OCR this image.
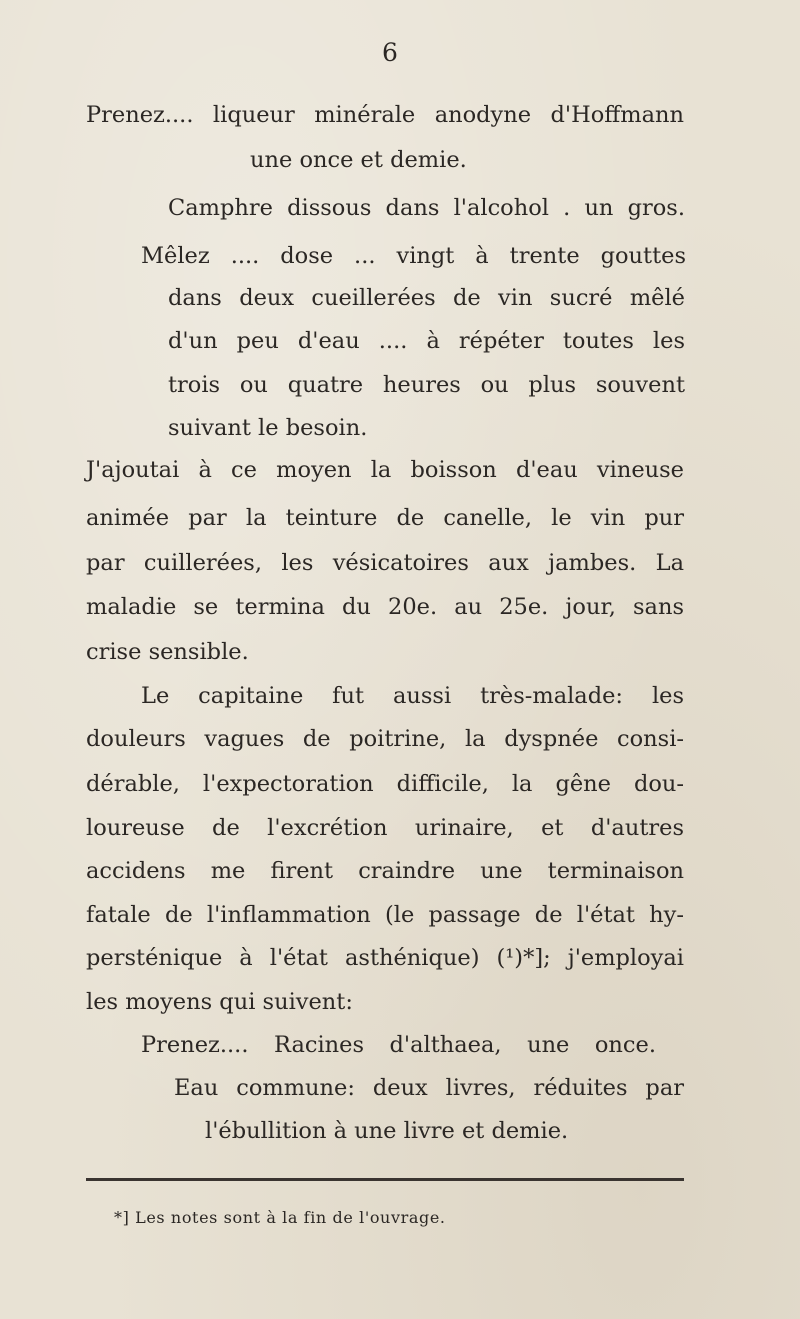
6
Prenez.... liqueur minérale anodyne d'Hoffmann
une once et demie.
Camphre dissous dans l'alcohol . un gros.
Mêlez .... dose ... vingt à trente gouttes
dans deux cueillerées de vin sucré mêlé
d'un peu d'eau .... à répéter toutes les
trois ou quatre heures ou plus souvent
suivant le besoin.
J'ajoutai à ce moyen la boisson d'eau vineuse
animée par la teinture de canelle, le vin pur
par cuillerées, les vésicatoires aux jambes. La
maladie se termina du 20e. au 25e. jour, sans
crise sensible.
Le capitaine fut aussi très-malade: les
douleurs vagues de poitrine, la dyspnée consi-
dérable, l'expectoration difficile, la gêne dou-
loureuse de l'excrétion urinaire, et d'autres
accidens me firent craindre une terminaison
fatale de l'inflammation (le passage de l'état hy-
persténique à l'état asthénique) (¹)*]; j'employai
les moyens qui suivent:
Prenez.... Racines d'althaea, une once.
Eau commune: deux livres, réduites par
l'ébullition à une livre et demie.
*] Les notes sont à la fin de l'ouvrage.
